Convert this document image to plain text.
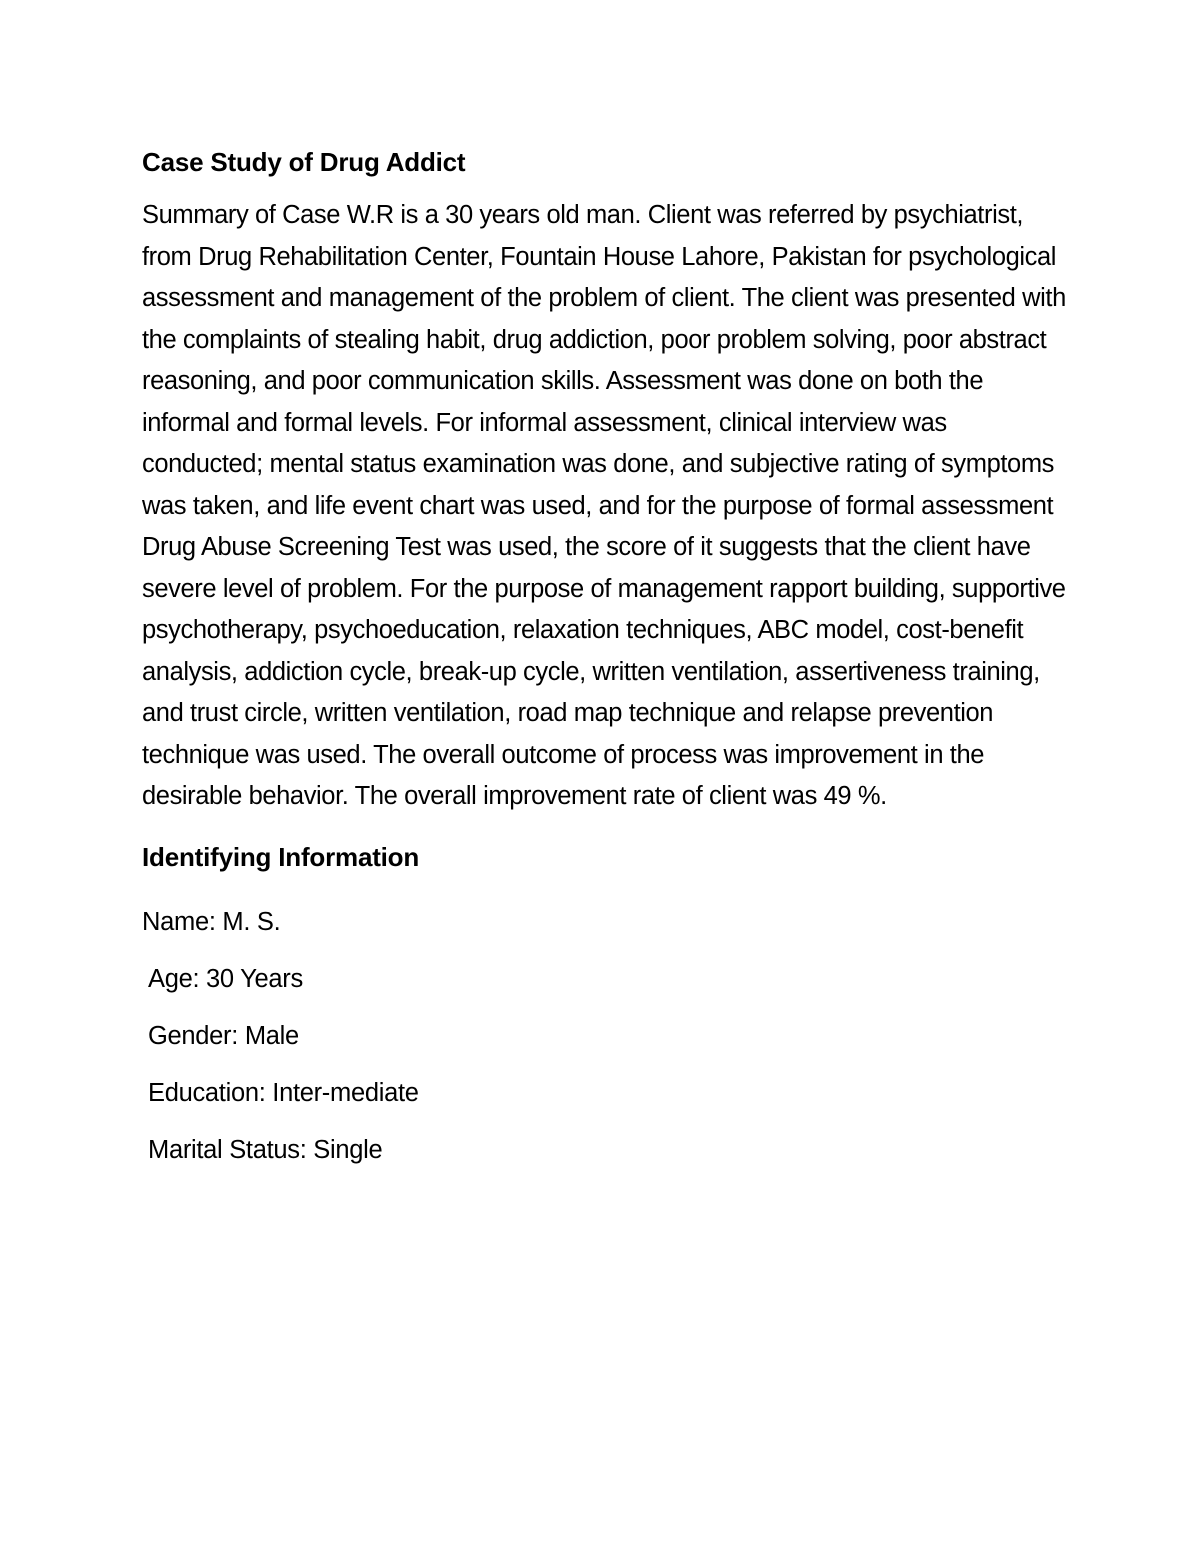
Case Study of Drug Addict

Summary of Case W.R is a 30 years old man. Client was referred by psychiatrist, from Drug Rehabilitation Center, Fountain House Lahore, Pakistan for psychological assessment and management of the problem of client. The client was presented with the complaints of stealing habit, drug addiction, poor problem solving, poor abstract reasoning, and poor communication skills. Assessment was done on both the informal and formal levels. For informal assessment, clinical interview was conducted; mental status examination was done, and subjective rating of symptoms was taken, and life event chart was used, and for the purpose of formal assessment Drug Abuse Screening Test was used, the score of it suggests that the client have severe level of problem. For the purpose of management rapport building, supportive psychotherapy, psychoeducation, relaxation techniques, ABC model, cost-benefit analysis, addiction cycle, break-up cycle, written ventilation, assertiveness training, and trust circle, written ventilation, road map technique and relapse prevention technique was used. The overall outcome of process was improvement in the desirable behavior. The overall improvement rate of client was 49 %.

Identifying Information
Name: M. S.
Age: 30 Years
Gender: Male
Education: Inter-mediate
Marital Status: Single
